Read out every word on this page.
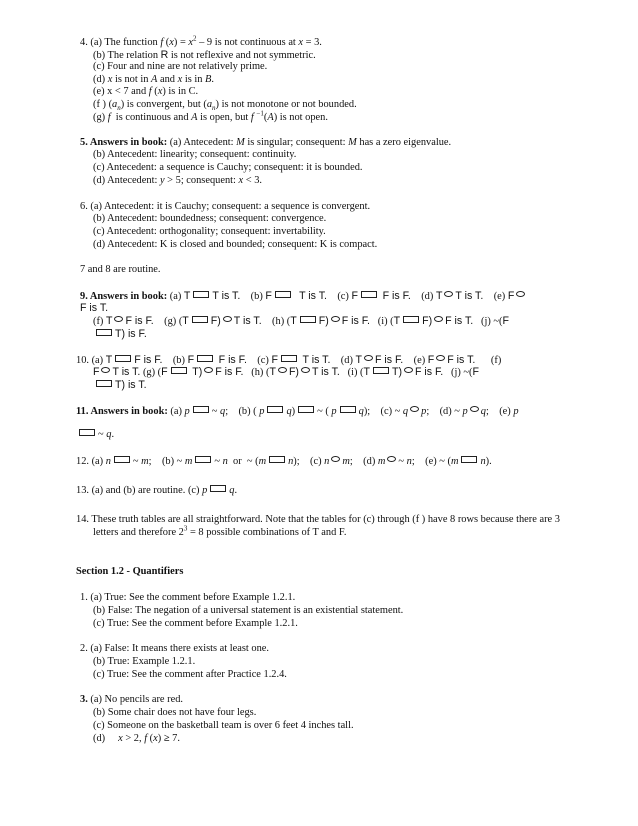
4. (a) The function f $(x) = x^2 - 9$ is not continuous at x = 3.
(b) The relation R is not reflexive and not symmetric.
(c) Four and nine are not relatively prime.
(d) x is not in A and x is in B.
(e) x < 7 and f (x) is in C.
(f ) $(a_n)$ is convergent, but $(a_n)$ is not monotone or not bounded.
(g) f  is continuous and A is open, but f $^{-1}$(A) is not open.
5. Answers in book: (a) Antecedent: M is singular; consequent: M has a zero eigenvalue.
(b) Antecedent: linearity; consequent: continuity.
(c) Antecedent: a sequence is Cauchy; consequent: it is bounded.
(d) Antecedent: y > 5; consequent: x < 3.
6. (a) Antecedent: it is Cauchy; consequent: a sequence is convergent.
(b) Antecedent: boundedness; consequent: convergence.
(c) Antecedent: orthogonality; consequent: invertability.
(d) Antecedent: K is closed and bounded; consequent: K is compact.
7 and 8 are routine.
9. Answers in book: (a) T T is T.    (b) F	T is T.    (c) F F is F.    (d) T T is T.    (e) F
F is T.
(f) T F is F.    (g) (T F) T is T.    (h) (T F) F is F.   (i) (T F) F is T.   (j) ~(F
T) is F.
10. (a) T F is F.    (b) F F is F.    (c) F T is T.    (d) T F is F.    (e) F F is T.      (f)
F T is T. (g) (F T) F is F.   (h) (T F) T is T.   (i) (T T) F is F.   (j) ~(F
T) is T.
11. Answers in book: (a) p ~ q;    (b) ( p q) ~ ( p q);    (c) ~ q p;    (d) ~ p q;    (e) p
~ q.
12. (a) n ~ m;    (b) ~ m ~ n  or  ~ (m n);    (c) n m;    (d) m ~ n;    (e) ~ (m n).
13. (a) and (b) are routine. (c) p q.
14. These truth tables are all straightforward. Note that the tables for (c) through (f ) have 8 rows because there are 3
letters and therefore $2^3 = 8$ possible combinations of T and F.
Section 1.2 - Quantifiers
1. (a) True: See the comment before Example 1.2.1.
(b) False: The negation of a universal statement is an existential statement.
(c) True: See the comment before Example 1.2.1.
2. (a) False: It means there exists at least one.
(b) True: Example 1.2.1.
(c) True: See the comment after Practice 1.2.4.
3. (a) No pencils are red.
(b) Some chair does not have four legs.
(c) Someone on the basketball team is over 6 feet 4 inches tall.
(d)     x > 2, f (x) ≥ 7.
